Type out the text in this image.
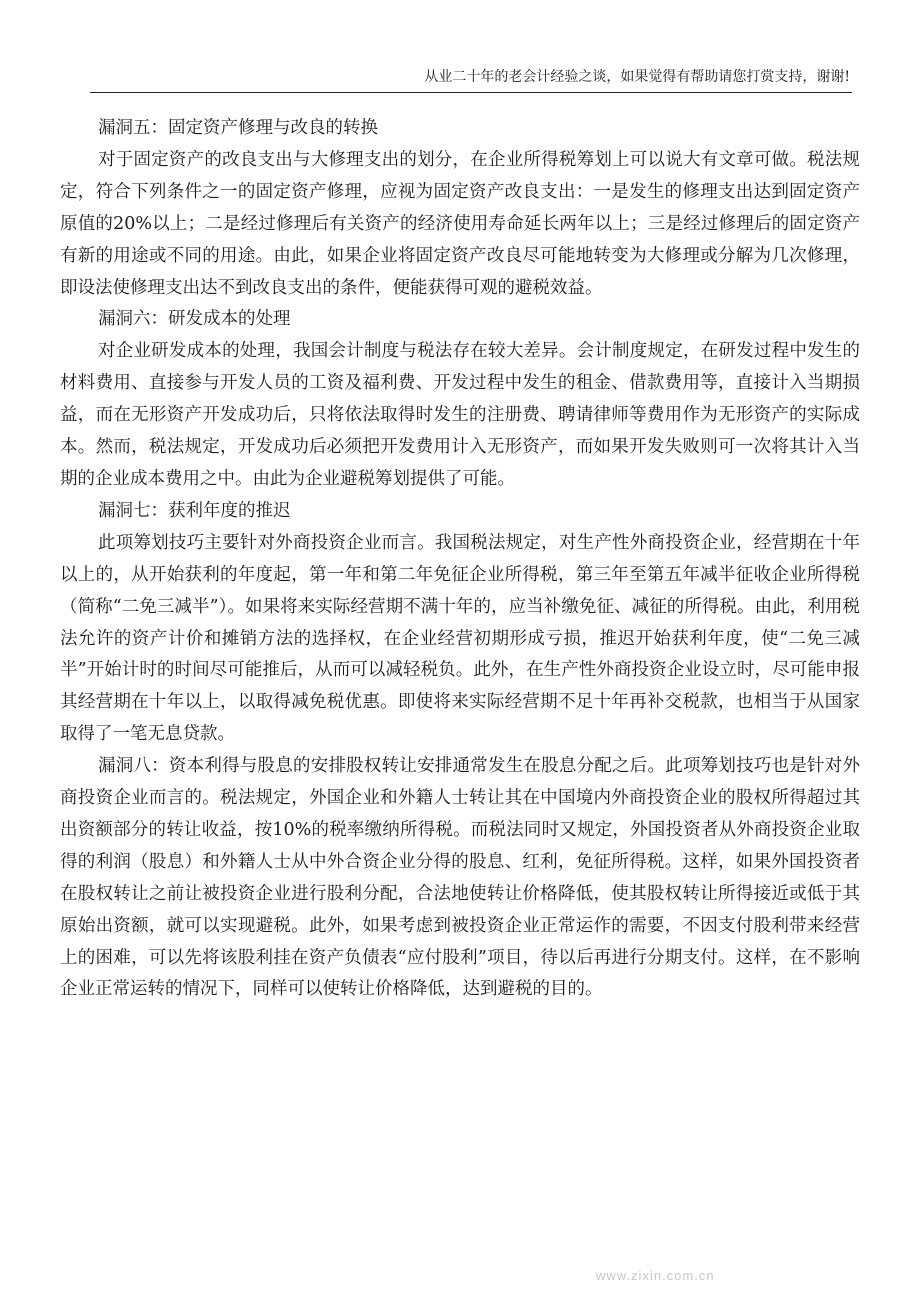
从业二十年的老会计经验之谈，如果觉得有帮助请您打赏支持，谢谢!
漏洞五：固定资产修理与改良的转换

对于固定资产的改良支出与大修理支出的划分，在企业所得税筹划上可以说大有文章可做。税法规定，符合下列条件之一的固定资产修理，应视为固定资产改良支出：一是发生的修理支出达到固定资产原值的20%以上；二是经过修理后有关资产的经济使用寿命延长两年以上；三是经过修理后的固定资产有新的用途或不同的用途。由此，如果企业将固定资产改良尽可能地转变为大修理或分解为几次修理，即设法使修理支出达不到改良支出的条件，便能获得可观的避税效益。

漏洞六：研发成本的处理

对企业研发成本的处理，我国会计制度与税法存在较大差异。会计制度规定，在研发过程中发生的材料费用、直接参与开发人员的工资及福利费、开发过程中发生的租金、借款费用等，直接计入当期损益，而在无形资产开发成功后，只将依法取得时发生的注册费、聘请律师等费用作为无形资产的实际成本。然而，税法规定，开发成功后必须把开发费用计入无形资产，而如果开发失败则可一次将其计入当期的企业成本费用之中。由此为企业避税筹划提供了可能。

漏洞七：获利年度的推迟

此项筹划技巧主要针对外商投资企业而言。我国税法规定，对生产性外商投资企业，经营期在十年以上的，从开始获利的年度起，第一年和第二年免征企业所得税，第三年至第五年减半征收企业所得税（简称“二免三减半”）。如果将来实际经营期不满十年的，应当补缴免征、减征的所得税。由此，利用税法允许的资产计价和摊销方法的选择权，在企业经营初期形成亏损，推迟开始获利年度，使“二免三减半”开始计时的时间尽可能推后，从而可以减轻税负。此外，在生产性外商投资企业设立时，尽可能申报其经营期在十年以上，以取得减免税优惠。即使将来实际经营期不足十年再补交税款，也相当于从国家取得了一笔无息贷款。

漏洞八：资本利得与股息的安排股权转让安排通常发生在股息分配之后。此项筹划技巧也是针对外商投资企业而言的。税法规定，外国企业和外籍人士转让其在中国境内外商投资企业的股权所得超过其出资额部分的转让收益，按10%的税率缴纳所得税。而税法同时又规定，外国投资者从外商投资企业取得的利润（股息）和外籍人士从中外合资企业分得的股息、红利，免征所得税。这样，如果外国投资者在股权转让之前让被投资企业进行股利分配，合法地使转让价格降低，使其股权转让所得接近或低于其原始出资额，就可以实现避税。此外，如果考虑到被投资企业正常运作的需要，不因支付股利带来经营上的困难，可以先将该股利挂在资产负债表“应付股利”项目，待以后再进行分期支付。这样，在不影响企业正常运转的情况下，同样可以使转让价格降低，达到避税的目的。

www.zixin.com.cn
